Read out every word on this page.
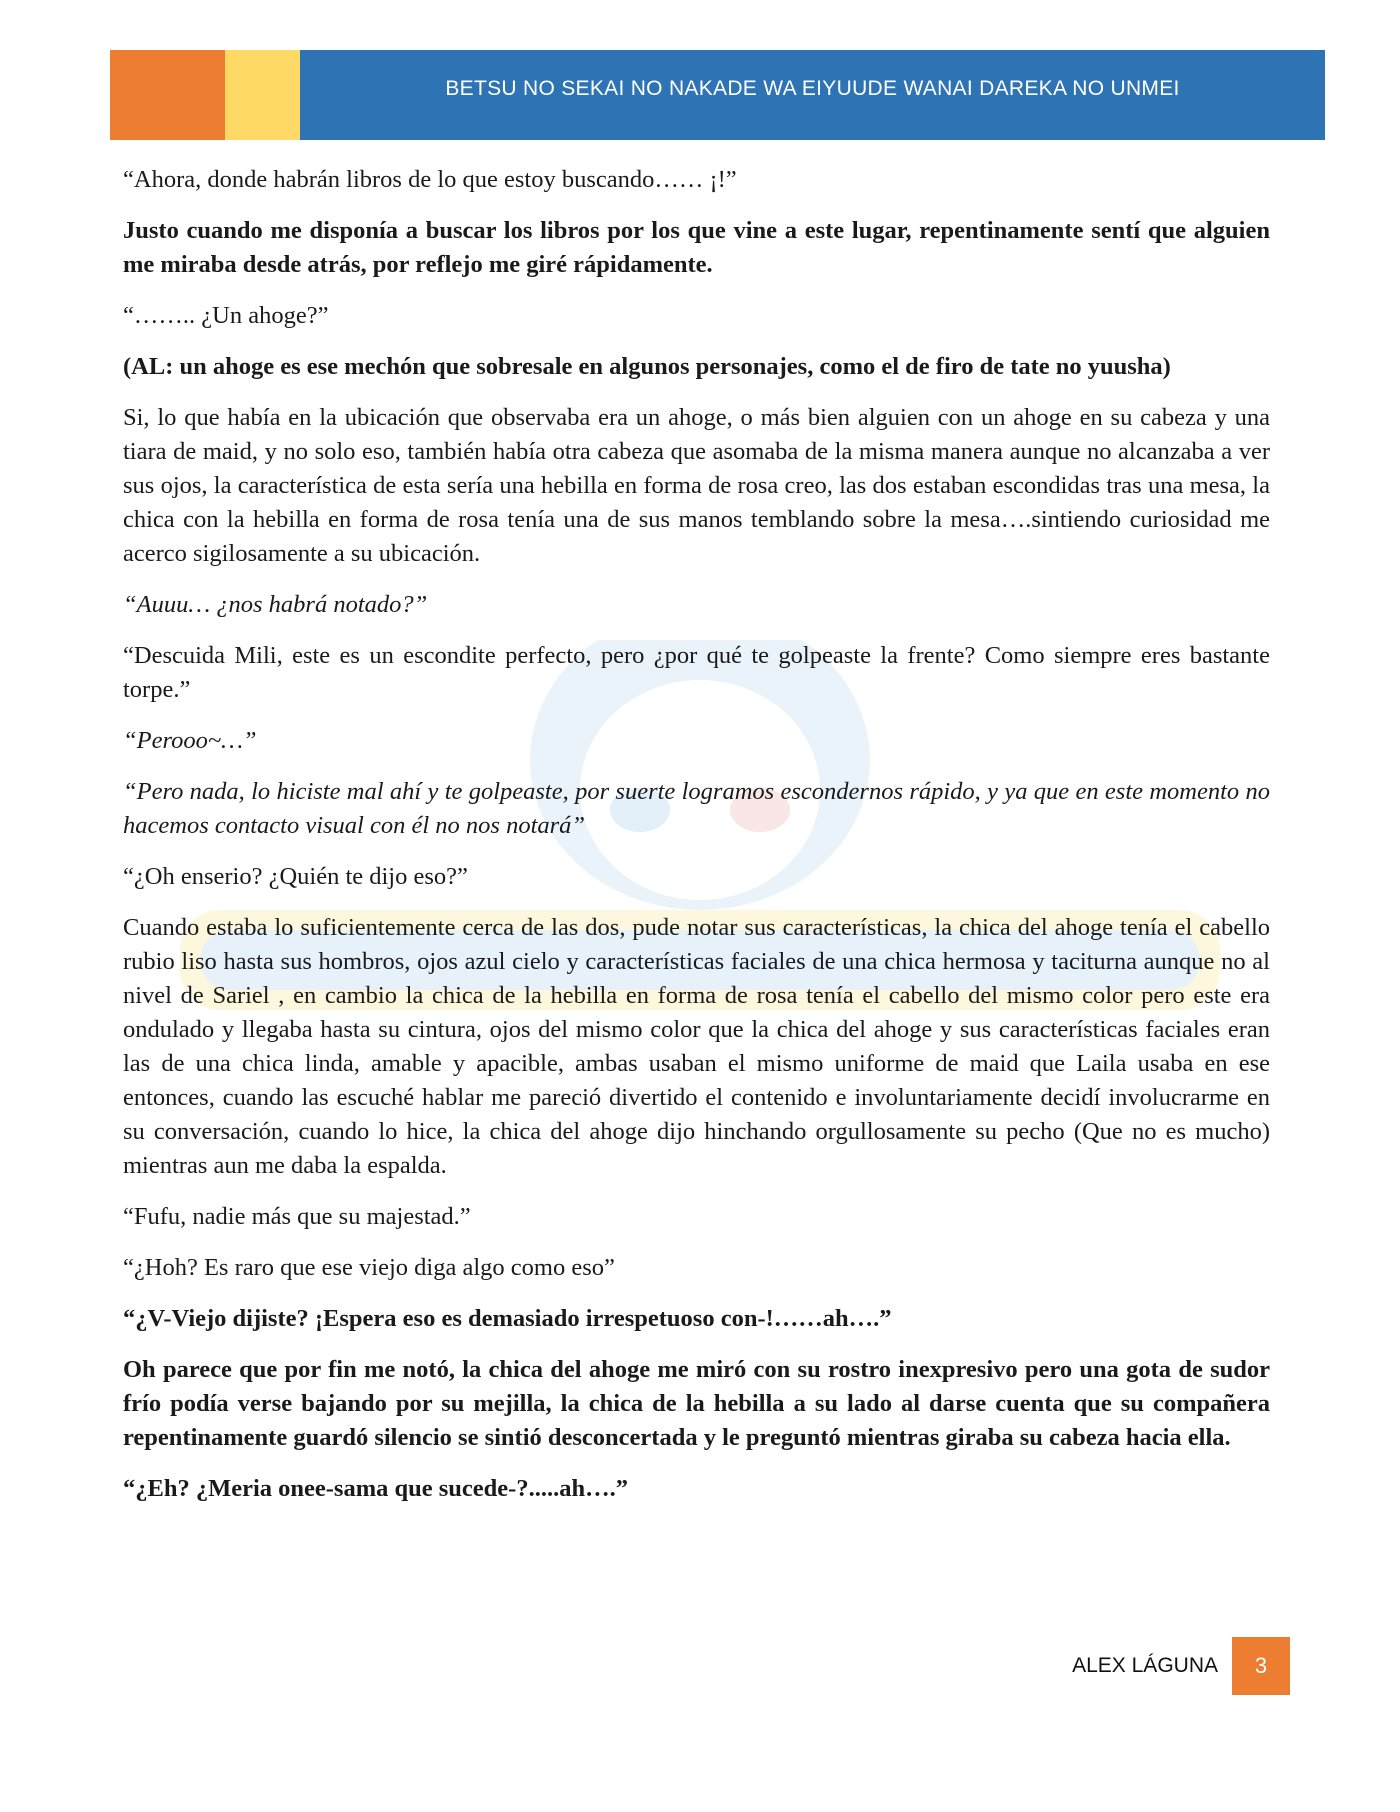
BETSU NO SEKAI NO NAKADE WA EIYUUDE WANAI DAREKA NO UNMEI

“Ahora, donde habrán libros de lo que estoy buscando…… ¡!”

Justo cuando me disponía a buscar los libros por los que vine a este lugar, repentinamente sentí que alguien me miraba desde atrás, por reflejo me giré rápidamente.

“…….. ¿Un ahoge?”

(AL: un ahoge es ese mechón que sobresale en algunos personajes, como el de firo de tate no yuusha)

Si, lo que había en la ubicación que observaba era un ahoge, o más bien alguien con un ahoge en su cabeza y una tiara de maid, y no solo eso, también había otra cabeza que asomaba de la misma manera aunque no alcanzaba a ver sus ojos, la característica de esta sería una hebilla en forma de rosa creo, las dos estaban escondidas tras una mesa, la chica con la hebilla en forma de rosa tenía una de sus manos temblando sobre la mesa….sintiendo curiosidad me acerco sigilosamente a su ubicación.

“Auuu… ¿nos habrá notado?”

“Descuida Mili, este es un escondite perfecto, pero ¿por qué te golpeaste la frente? Como siempre eres bastante torpe.”

“Perooo~…”

“Pero nada, lo hiciste mal ahí y te golpeaste, por suerte logramos escondernos rápido, y ya que en este momento no hacemos contacto visual con él no nos notará”

“¿Oh enserio? ¿Quién te dijo eso?”

Cuando estaba lo suficientemente cerca de las dos, pude notar sus características, la chica del ahoge tenía el cabello rubio liso hasta sus hombros, ojos azul cielo y características faciales de una chica hermosa y taciturna aunque no al nivel de Sariel , en cambio la chica de la hebilla en forma de rosa tenía el cabello del mismo color pero este era ondulado y llegaba hasta su cintura, ojos del mismo color que la chica del ahoge y sus características faciales eran las de una chica linda, amable y apacible, ambas usaban el mismo uniforme de maid que Laila usaba en ese entonces, cuando las escuché hablar me pareció divertido el contenido e involuntariamente decidí involucrarme en su conversación, cuando lo hice, la chica del ahoge dijo hinchando orgullosamente su pecho (Que no es mucho) mientras aun me daba la espalda.

“Fufu, nadie más que su majestad.”

“¿Hoh? Es raro que ese viejo diga algo como eso”

“¿V-Viejo dijiste? ¡Espera eso es demasiado irrespetuoso con-!……ah….”

Oh parece que por fin me notó, la chica del ahoge me miró con su rostro inexpresivo pero una gota de sudor frío podía verse bajando por su mejilla, la chica de la hebilla a su lado al darse cuenta que su compañera repentinamente guardó silencio se sintió desconcertada y le preguntó mientras giraba su cabeza hacia ella.

“¿Eh? ¿Meria onee-sama que sucede-?.....ah….”

ALEX LÁGUNA	3
